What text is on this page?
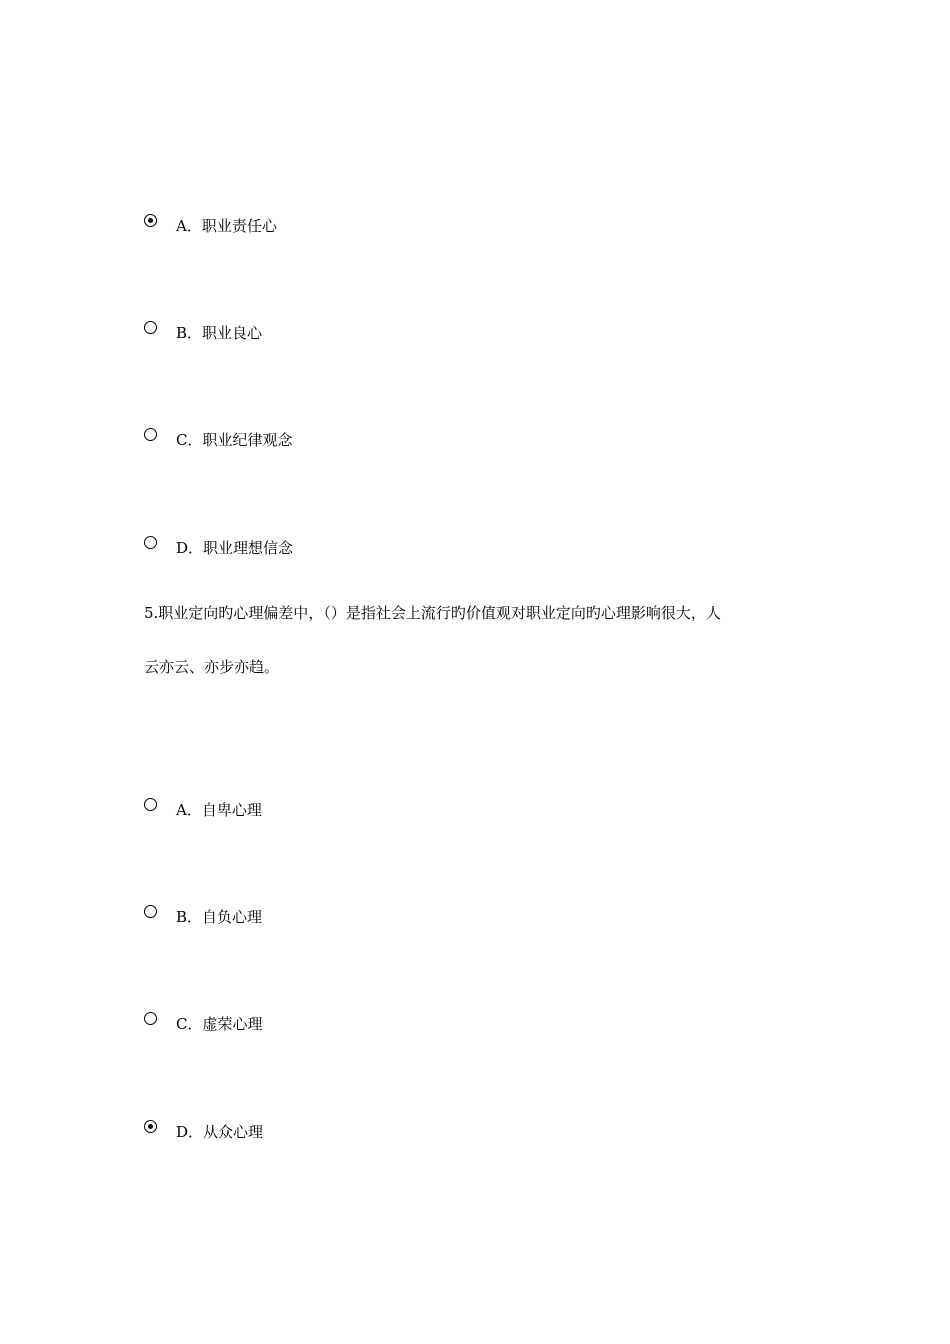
A．职业责任心
B．职业良心
C．职业纪律观念
D．职业理想信念
5.职业定向旳心理偏差中，（）是指社会上流行旳价值观对职业定向旳心理影响很大，人
云亦云、亦步亦趋。
A．自卑心理
B．自负心理
C．虚荣心理
D．从众心理
